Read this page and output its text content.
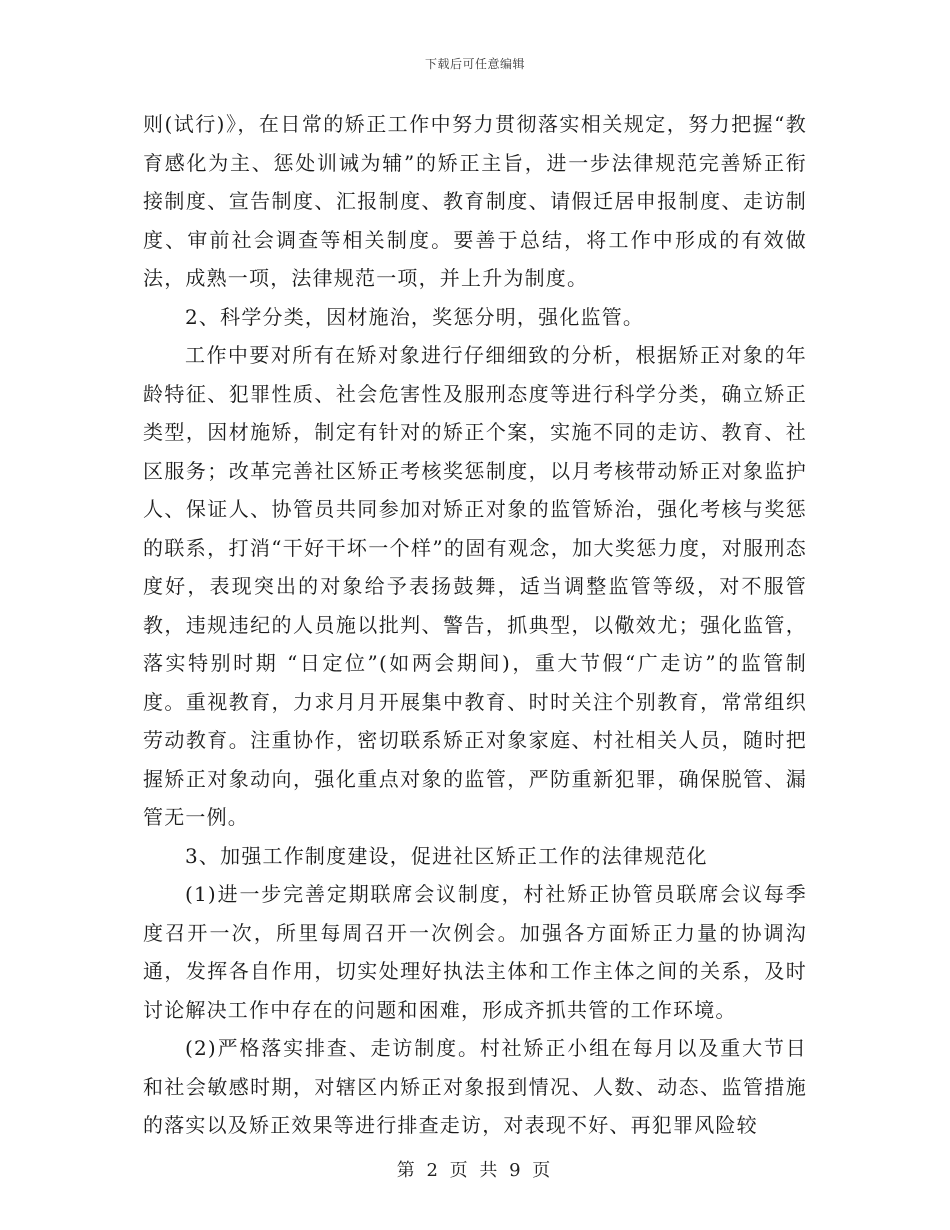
下载后可任意编辑

则(试行)》，在日常的矫正工作中努力贯彻落实相关规定，努力把握“教育感化为主、惩处训诫为辅”的矫正主旨，进一步法律规范完善矫正衔接制度、宣告制度、汇报制度、教育制度、请假迁居申报制度、走访制度、审前社会调查等相关制度。要善于总结，将工作中形成的有效做法，成熟一项，法律规范一项，并上升为制度。

2、科学分类，因材施治，奖惩分明，强化监管。

工作中要对所有在矫对象进行仔细细致的分析，根据矫正对象的年龄特征、犯罪性质、社会危害性及服刑态度等进行科学分类，确立矫正类型，因材施矫，制定有针对的矫正个案，实施不同的走访、教育、社区服务；改革完善社区矫正考核奖惩制度，以月考核带动矫正对象监护人、保证人、协管员共同参加对矫正对象的监管矫治，强化考核与奖惩的联系，打消“干好干坏一个样”的固有观念，加大奖惩力度，对服刑态度好，表现突出的对象给予表扬鼓舞，适当调整监管等级，对不服管教，违规违纪的人员施以批判、警告，抓典型，以儆效尤；强化监管，落实特别时期 “日定位”(如两会期间)，重大节假“广走访”的监管制度。重视教育，力求月月开展集中教育、时时关注个别教育，常常组织劳动教育。注重协作，密切联系矫正对象家庭、村社相关人员，随时把握矫正对象动向，强化重点对象的监管，严防重新犯罪，确保脱管、漏管无一例。

3、加强工作制度建设，促进社区矫正工作的法律规范化

(1)进一步完善定期联席会议制度，村社矫正协管员联席会议每季度召开一次，所里每周召开一次例会。加强各方面矫正力量的协调沟通，发挥各自作用，切实处理好执法主体和工作主体之间的关系，及时讨论解决工作中存在的问题和困难，形成齐抓共管的工作环境。

(2)严格落实排查、走访制度。村社矫正小组在每月以及重大节日和社会敏感时期，对辖区内矫正对象报到情况、人数、动态、监管措施的落实以及矫正效果等进行排查走访，对表现不好、再犯罪风险较

第 2 页 共 9 页
